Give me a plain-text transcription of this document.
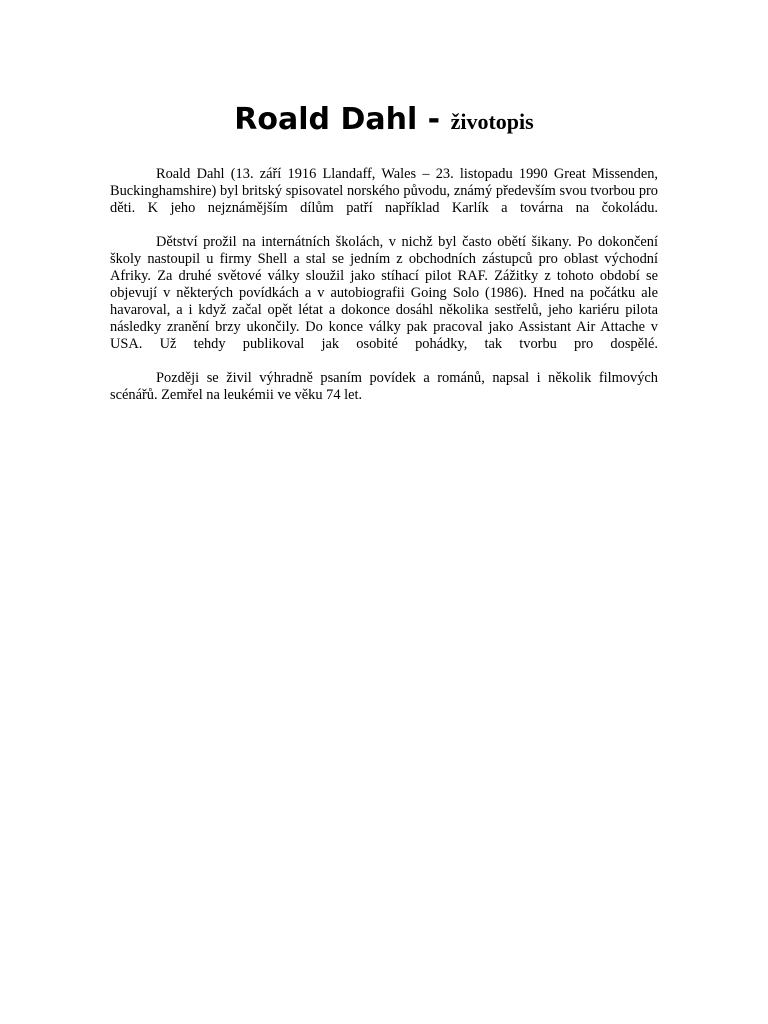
Roald Dahl - životopis

Roald Dahl (13. září 1916 Llandaff, Wales – 23. listopadu 1990 Great Missenden, Buckinghamshire) byl britský spisovatel norského původu, známý především svou tvorbou pro děti. K jeho nejznámějším dílům patří například Karlík a továrna na čokoládu.

Dětství prožil na internátních školách, v nichž byl často obětí šikany. Po dokončení školy nastoupil u firmy Shell a stal se jedním z obchodních zástupců pro oblast východní Afriky. Za druhé světové války sloužil jako stíhací pilot RAF. Zážitky z tohoto období se objevují v některých povídkách a v autobiografii Going Solo (1986). Hned na počátku ale havaroval, a i když začal opět létat a dokonce dosáhl několika sestřelů, jeho kariéru pilota následky zranění brzy ukončily. Do konce války pak pracoval jako Assistant Air Attache v USA. Už tehdy publikoval jak osobité pohádky, tak tvorbu pro dospělé.

Později se živil výhradně psaním povídek a románů, napsal i několik filmových scénářů. Zemřel na leukémii ve věku 74 let.
